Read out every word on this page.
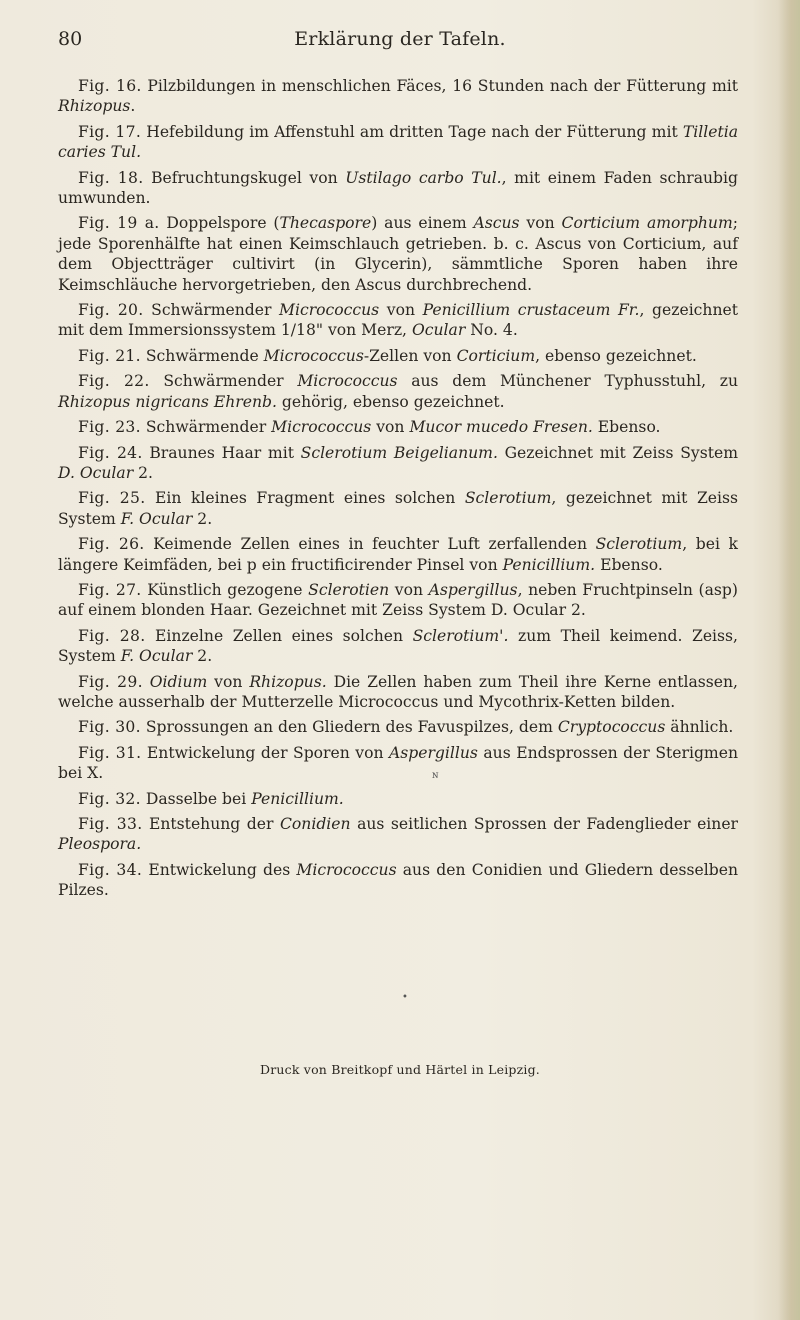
80	Erklärung der Tafeln.

Fig. 16. Pilzbildungen in menschlichen Fäces, 16 Stunden nach der Fütterung mit Rhizopus.

Fig. 17. Hefebildung im Affenstuhl am dritten Tage nach der Fütterung mit Tilletia caries Tul.

Fig. 18. Befruchtungskugel von Ustilago carbo Tul., mit einem Faden schraubig umwunden.

Fig. 19 a. Doppelspore (Thecaspore) aus einem Ascus von Corticium amorphum; jede Sporenhälfte hat einen Keimschlauch getrieben. b. c. Ascus von Corticium, auf dem Objectträger cultivirt (in Glycerin), sämmtliche Sporen haben ihre Keimschläuche hervorgetrieben, den Ascus durchbrechend.

Fig. 20. Schwärmender Micrococcus von Penicillium crustaceum Fr., gezeichnet mit dem Immersionssystem 1/18" von Merz, Ocular No. 4.

Fig. 21. Schwärmende Micrococcus-Zellen von Corticium, ebenso gezeichnet.

Fig. 22. Schwärmender Micrococcus aus dem Münchener Typhusstuhl, zu Rhizopus nigricans Ehrenb. gehörig, ebenso gezeichnet.

Fig. 23. Schwärmender Micrococcus von Mucor mucedo Fresen. Ebenso.

Fig. 24. Braunes Haar mit Sclerotium Beigelianum. Gezeichnet mit Zeiss System D. Ocular 2.

Fig. 25. Ein kleines Fragment eines solchen Sclerotium, gezeichnet mit Zeiss System F. Ocular 2.

Fig. 26. Keimende Zellen eines in feuchter Luft zerfallenden Sclerotium, bei k längere Keimfäden, bei p ein fructificirender Pinsel von Penicillium. Ebenso.

Fig. 27. Künstlich gezogene Sclerotien von Aspergillus, neben Fruchtpinseln (asp) auf einem blonden Haar. Gezeichnet mit Zeiss System D. Ocular 2.

Fig. 28. Einzelne Zellen eines solchen Sclerotium'. zum Theil keimend. Zeiss, System F. Ocular 2.

Fig. 29. Oidium von Rhizopus. Die Zellen haben zum Theil ihre Kerne entlassen, welche ausserhalb der Mutterzelle Micrococcus und Mycothrix-Ketten bilden.

Fig. 30. Sprossungen an den Gliedern des Favuspilzes, dem Cryptococcus ähnlich.

Fig. 31. Entwickelung der Sporen von Aspergillus aus Endsprossen der Sterigmen bei X.

Fig. 32. Dasselbe bei Penicillium.

Fig. 33. Entstehung der Conidien aus seitlichen Sprossen der Fadenglieder einer Pleospora.

Fig. 34. Entwickelung des Micrococcus aus den Conidien und Gliedern desselben Pilzes.

ɴ
•
Druck von Breitkopf und Härtel in Leipzig.
